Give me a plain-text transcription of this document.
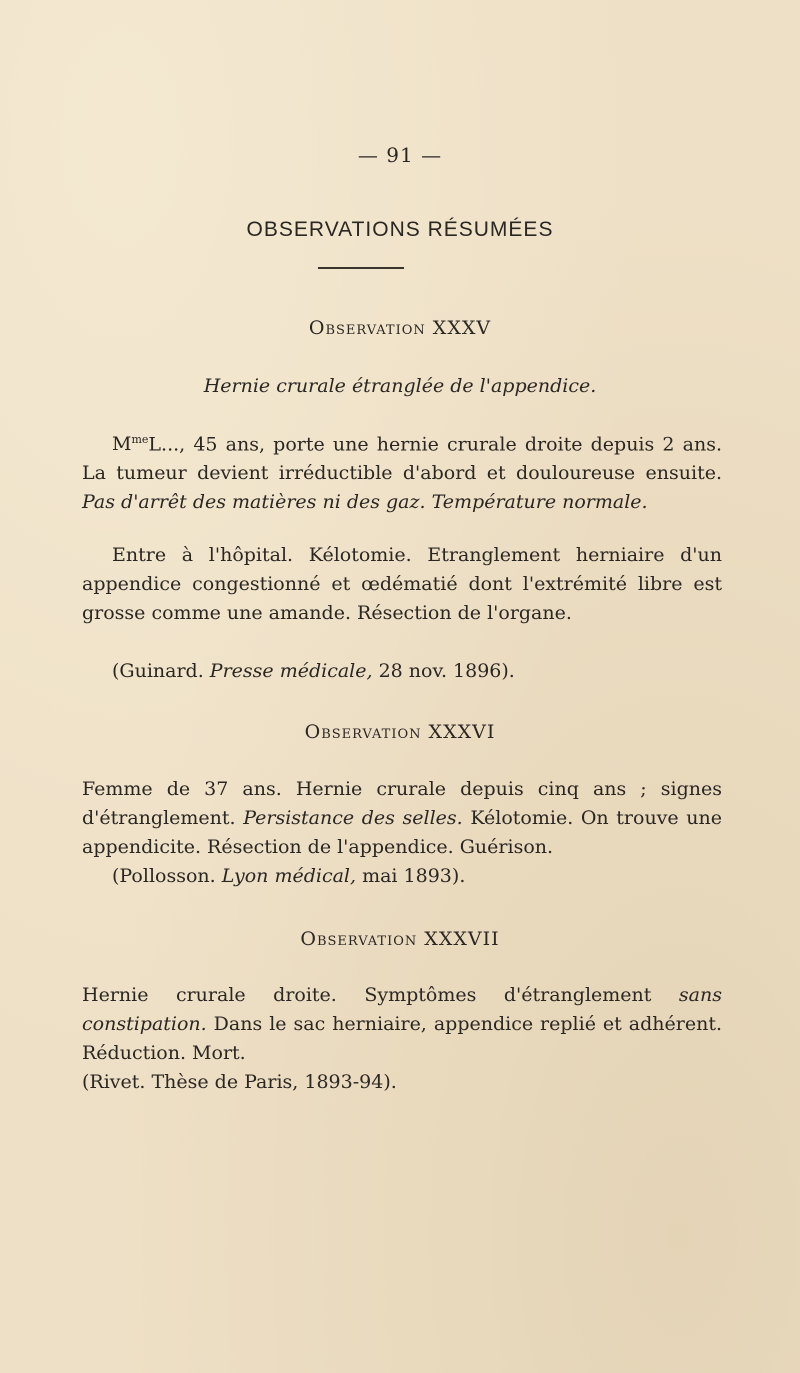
— 91 —
OBSERVATIONS RÉSUMÉES
Observation XXXV
Hernie crurale étranglée de l'appendice.

$M^{me}L$..., 45 ans, porte une hernie crurale droite depuis 2 ans. La tumeur devient irréductible d'abord et douloureuse ensuite. Pas d'arrêt des matières ni des gaz. Température normale.

Entre à l'hôpital. Kélotomie. Etranglement herniaire d'un appendice congestionné et œdématié dont l'extrémité libre est grosse comme une amande. Résection de l'organe.

(Guinard. Presse médicale, 28 nov. 1896).

Observation XXXVI

Femme de 37 ans. Hernie crurale depuis cinq ans ; signes d'étranglement. Persistance des selles. Kélotomie. On trouve une appendicite. Résection de l'appendice. Guérison.

(Pollosson. Lyon médical, mai 1893).

Observation XXXVII

Hernie crurale droite. Symptômes d'étranglement sans constipation. Dans le sac herniaire, appendice replié et adhérent. Réduction. Mort.

(Rivet. Thèse de Paris, 1893-94).
